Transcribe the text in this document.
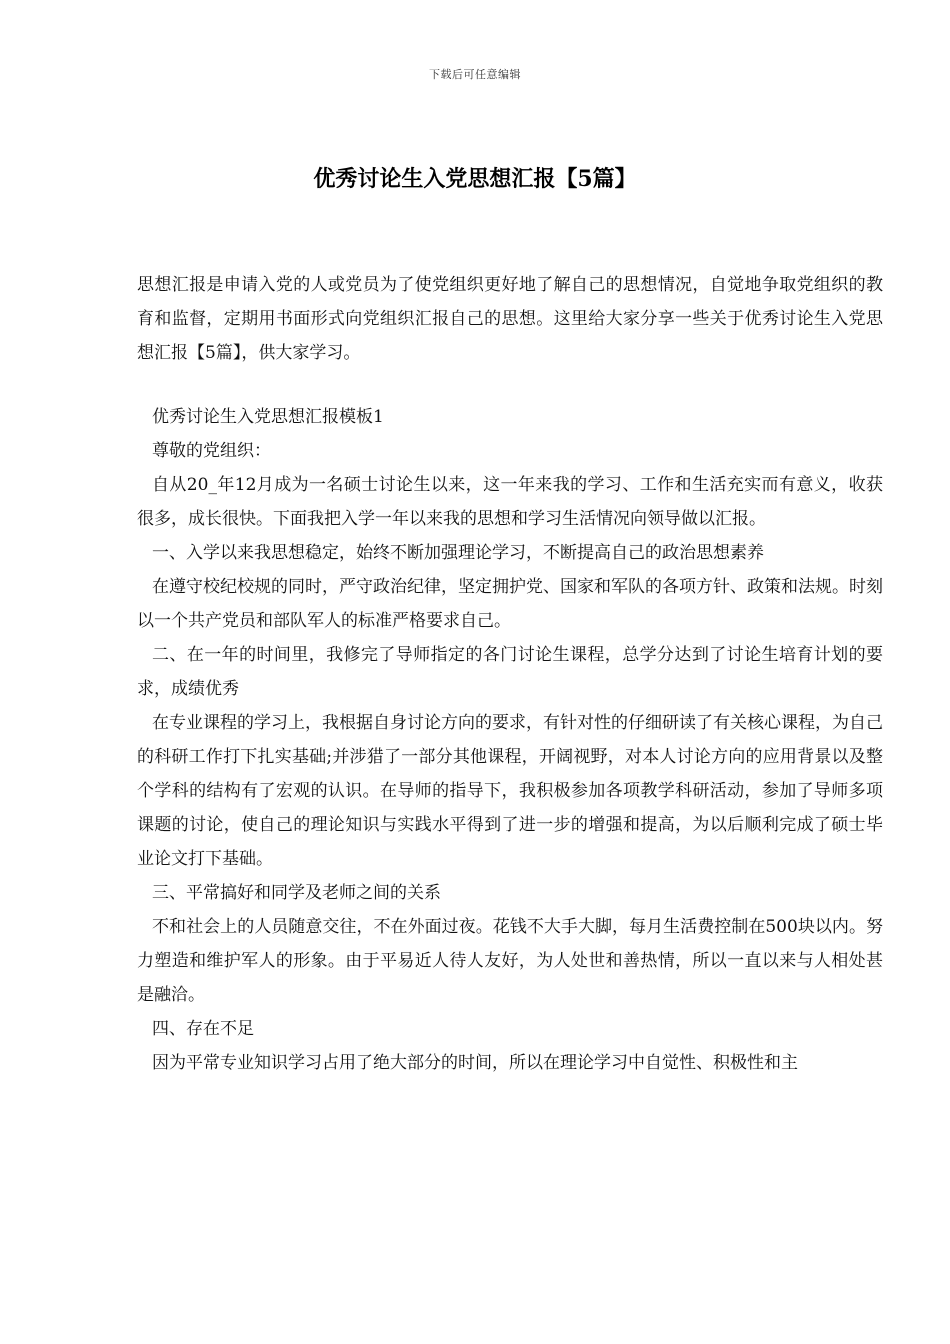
下载后可任意编辑
优秀讨论生入党思想汇报【5篇】

思想汇报是申请入党的人或党员为了使党组织更好地了解自己的思想情况，自觉地争取党组织的教育和监督，定期用书面形式向党组织汇报自己的思想。这里给大家分享一些关于优秀讨论生入党思想汇报【5篇】，供大家学习。

优秀讨论生入党思想汇报模板1

尊敬的党组织：

自从20_年12月成为一名硕士讨论生以来，这一年来我的学习、工作和生活充实而有意义，收获很多，成长很快。下面我把入学一年以来我的思想和学习生活情况向领导做以汇报。

一、入学以来我思想稳定，始终不断加强理论学习，不断提高自己的政治思想素养

在遵守校纪校规的同时，严守政治纪律，坚定拥护党、国家和军队的各项方针、政策和法规。时刻以一个共产党员和部队军人的标准严格要求自己。

二、在一年的时间里，我修完了导师指定的各门讨论生课程，总学分达到了讨论生培育计划的要求，成绩优秀

在专业课程的学习上，我根据自身讨论方向的要求，有针对性的仔细研读了有关核心课程，为自己的科研工作打下扎实基础;并涉猎了一部分其他课程，开阔视野，对本人讨论方向的应用背景以及整个学科的结构有了宏观的认识。在导师的指导下，我积极参加各项教学科研活动，参加了导师多项课题的讨论，使自己的理论知识与实践水平得到了进一步的增强和提高，为以后顺利完成了硕士毕业论文打下基础。

三、平常搞好和同学及老师之间的关系

不和社会上的人员随意交往，不在外面过夜。花钱不大手大脚，每月生活费控制在500块以内。努力塑造和维护军人的形象。由于平易近人待人友好，为人处世和善热情，所以一直以来与人相处甚是融洽。

四、存在不足

因为平常专业知识学习占用了绝大部分的时间，所以在理论学习中自觉性、积极性和主
